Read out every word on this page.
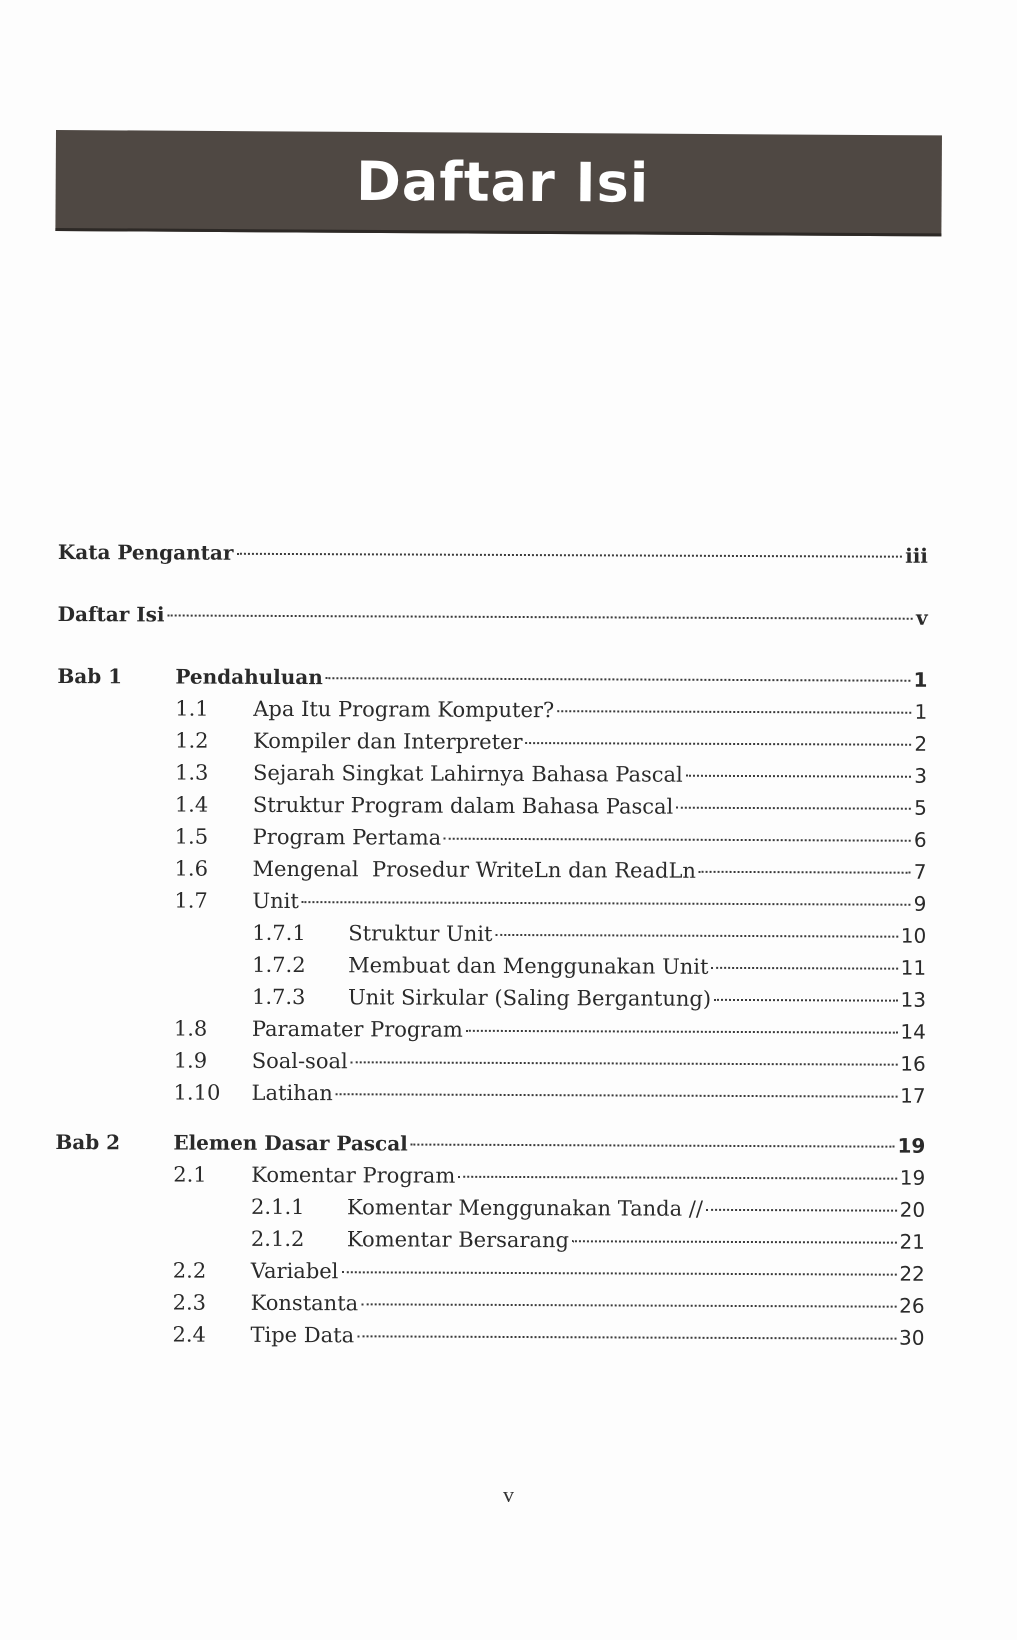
Daftar Isi
Kata Pengantar	iii
Daftar Isi	v
Bab 1	Pendahuluan	1
1.1	Apa Itu Program Komputer?	1
1.2	Kompiler dan Interpreter	2
1.3	Sejarah Singkat Lahirnya Bahasa Pascal	3
1.4	Struktur Program dalam Bahasa Pascal	5
1.5	Program Pertama	6
1.6	Mengenal  Prosedur WriteLn dan ReadLn	7
1.7	Unit	9
1.7.1	Struktur Unit	10
1.7.2	Membuat dan Menggunakan Unit	11
1.7.3	Unit Sirkular (Saling Bergantung)	13
1.8	Paramater Program	14
1.9	Soal-soal	16
1.10	Latihan	17
Bab 2	Elemen Dasar Pascal	19
2.1	Komentar Program	19
2.1.1	Komentar Menggunakan Tanda //	20
2.1.2	Komentar Bersarang	21
2.2	Variabel	22
2.3	Konstanta	26
2.4	Tipe Data	30
v
